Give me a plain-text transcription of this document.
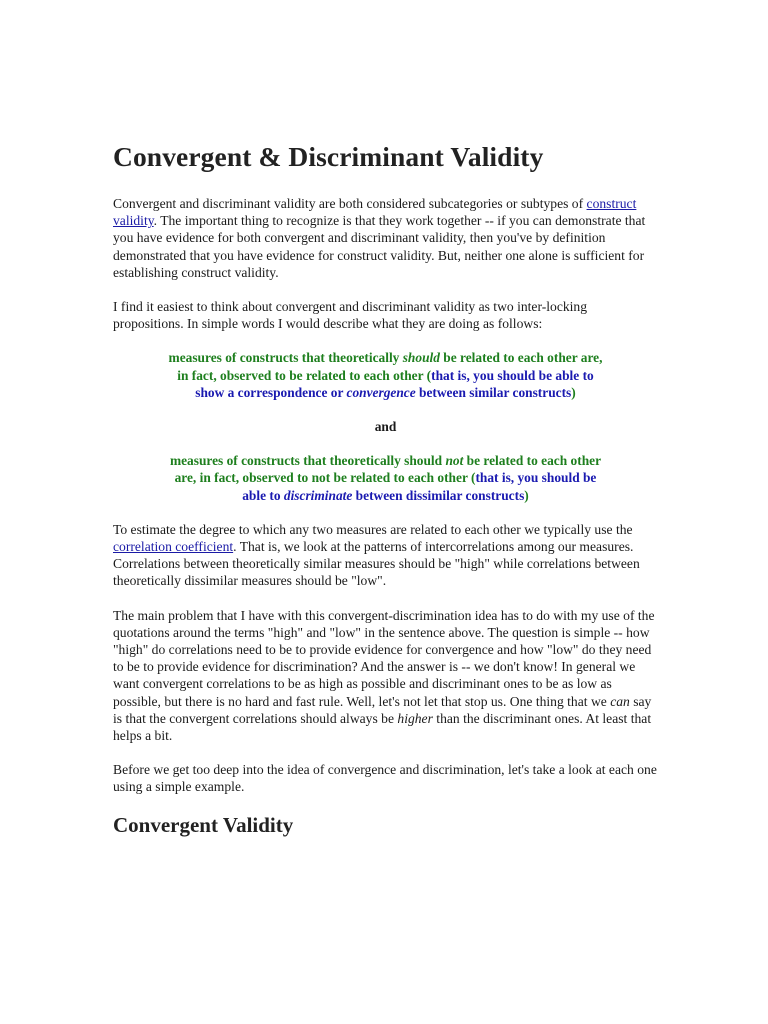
Convergent & Discriminant Validity

Convergent and discriminant validity are both considered subcategories or subtypes of construct validity. The important thing to recognize is that they work together -- if you can demonstrate that you have evidence for both convergent and discriminant validity, then you've by definition demonstrated that you have evidence for construct validity. But, neither one alone is sufficient for establishing construct validity.

I find it easiest to think about convergent and discriminant validity as two inter-locking propositions. In simple words I would describe what they are doing as follows:

measures of constructs that theoretically should be related to each other are, in fact, observed to be related to each other (that is, you should be able to show a correspondence or convergence between similar constructs)
and
measures of constructs that theoretically should not be related to each other are, in fact, observed to not be related to each other (that is, you should be able to discriminate between dissimilar constructs)

To estimate the degree to which any two measures are related to each other we typically use the correlation coefficient. That is, we look at the patterns of intercorrelations among our measures. Correlations between theoretically similar measures should be "high" while correlations between theoretically dissimilar measures should be "low".

The main problem that I have with this convergent-discrimination idea has to do with my use of the quotations around the terms "high" and "low" in the sentence above. The question is simple -- how "high" do correlations need to be to provide evidence for convergence and how "low" do they need to be to provide evidence for discrimination? And the answer is -- we don't know! In general we want convergent correlations to be as high as possible and discriminant ones to be as low as possible, but there is no hard and fast rule. Well, let's not let that stop us. One thing that we can say is that the convergent correlations should always be higher than the discriminant ones. At least that helps a bit.

Before we get too deep into the idea of convergence and discrimination, let's take a look at each one using a simple example.

Convergent Validity
